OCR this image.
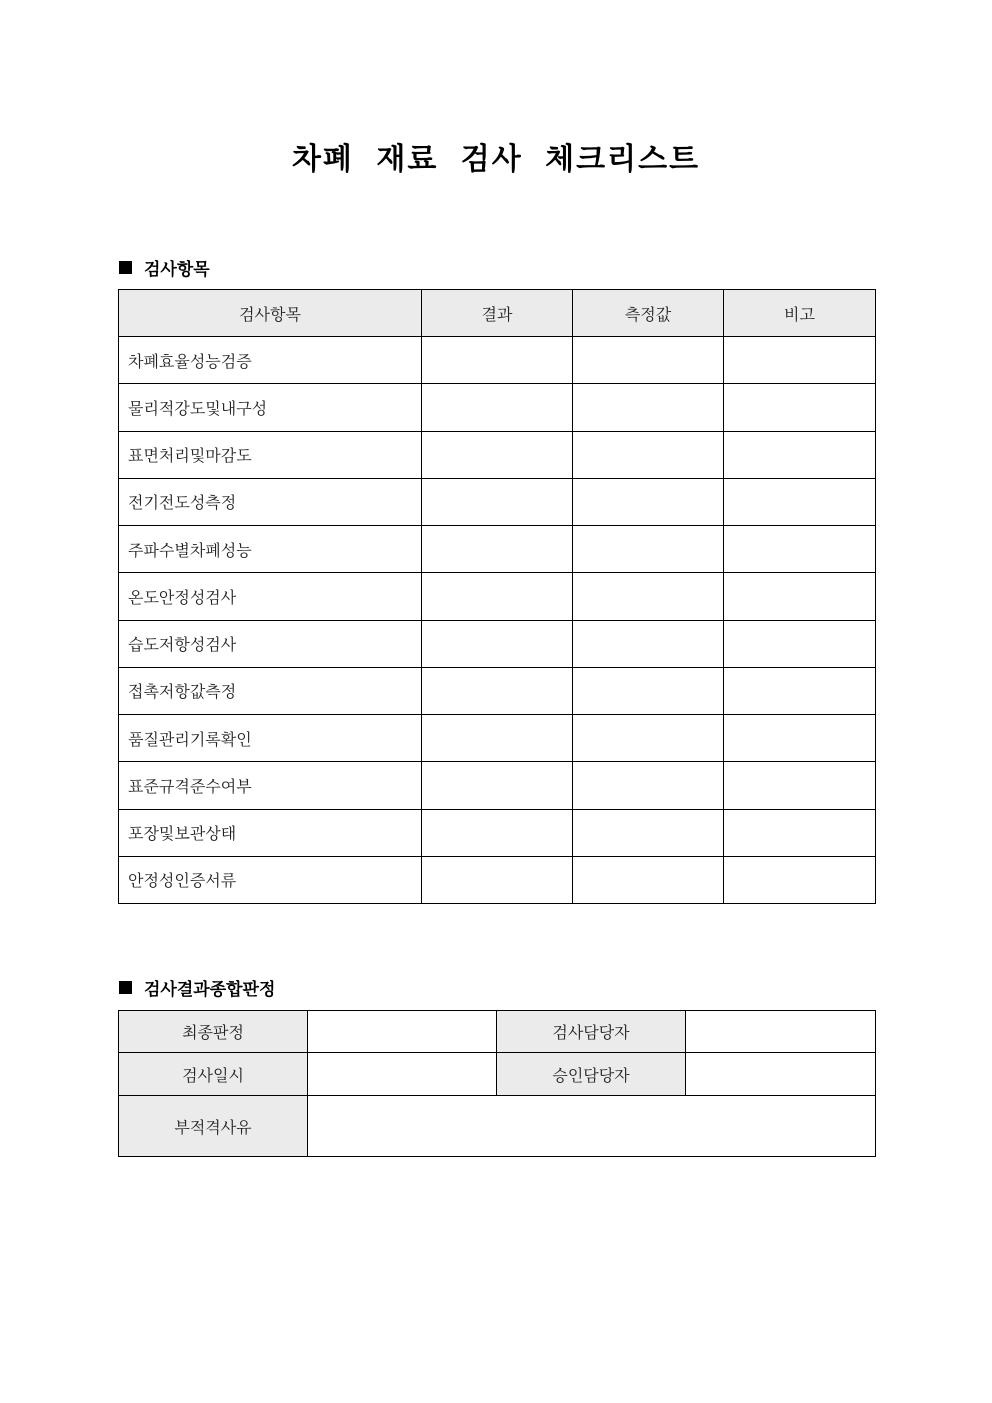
차폐 재료 검사 체크리스트
검사항목
검사항목	결과	측정값	비고
차폐효율성능검증			
물리적강도및내구성			
표면처리및마감도			
전기전도성측정			
주파수별차폐성능			
온도안정성검사			
습도저항성검사			
접촉저항값측정			
품질관리기록확인			
표준규격준수여부			
포장및보관상태			
안정성인증서류			
검사결과종합판정
최종판정		검사담당자	
검사일시		승인담당자	
부적격사유			
